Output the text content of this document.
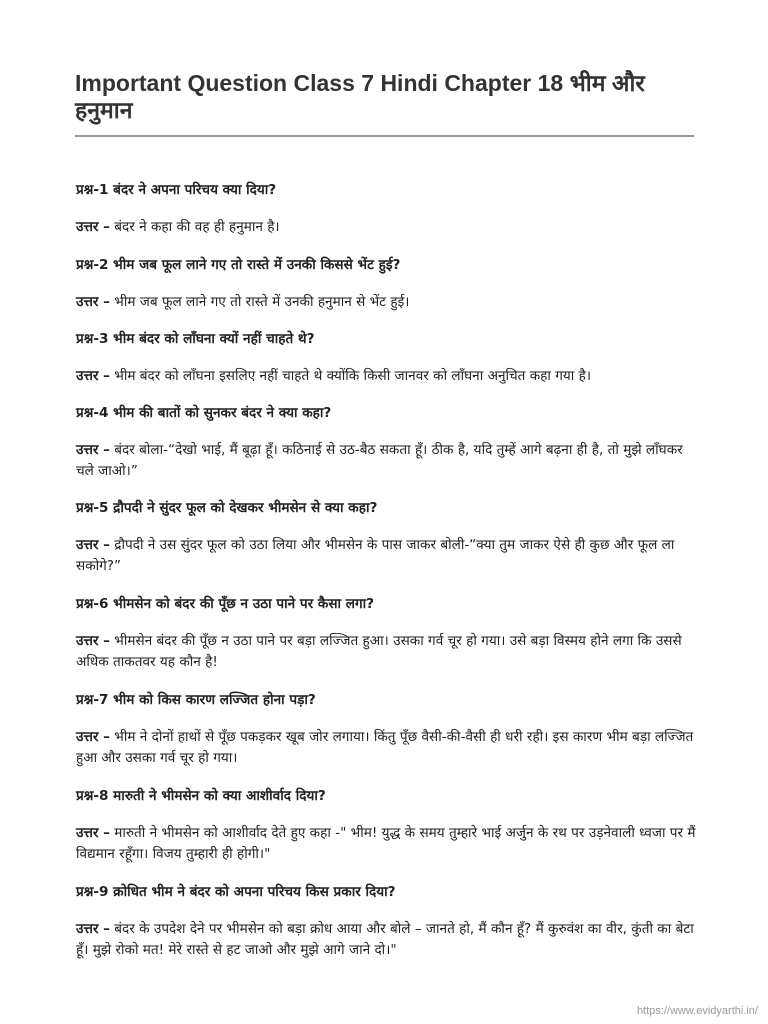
Important Question Class 7 Hindi Chapter 18 भीम और हनुमान

प्रश्न-1 बंदर ने अपना परिचय क्या दिया?

उत्तर – बंदर ने कहा की वह ही हनुमान है।

प्रश्न-2 भीम जब फूल लाने गए तो रास्ते में उनकी किससे भेंट हुई?

उत्तर – भीम जब फूल लाने गए तो रास्ते में उनकी हनुमान से भेंट हुई।

प्रश्न-3 भीम बंदर को लाँघना क्यों नहीं चाहते थे?

उत्तर – भीम बंदर को लाँघना इसलिए नहीं चाहते थे क्योंकि किसी जानवर को लाँघना अनुचित कहा गया है।

प्रश्न-4 भीम की बातों को सुनकर बंदर ने क्या कहा?

उत्तर – बंदर बोला-“देखो भाई, मैं बूढ़ा हूँ। कठिनाई से उठ-बैठ सकता हूँ। ठीक है, यदि तुम्हें आगे बढ़ना ही है, तो मुझे लाँघकर चले जाओ।”

प्रश्न-5 द्रौपदी ने सुंदर फूल को देखकर भीमसेन से क्या कहा?

उत्तर – द्रौपदी ने उस सुंदर फूल को उठा लिया और भीमसेन के पास जाकर बोली-“क्या तुम जाकर ऐसे ही कुछ और फूल ला सकोगे?”

प्रश्न-6 भीमसेन को बंदर की पूँछ न उठा पाने पर कैसा लगा?

उत्तर – भीमसेन बंदर की पूँछ न उठा पाने पर बड़ा लज्जित हुआ। उसका गर्व चूर हो गया। उसे बड़ा विस्मय होने लगा कि उससे अधिक ताकतवर यह कौन है!

प्रश्न-7 भीम को किस कारण लज्जित होना पड़ा?

उत्तर – भीम ने दोनों हाथों से पूँछ पकड़कर खूब जोर लगाया। किंतु पूँछ वैसी-की-वैसी ही धरी रही। इस कारण भीम बड़ा लज्जित हुआ और उसका गर्व चूर हो गया।

प्रश्न-8 मारुती ने भीमसेन को क्या आशीर्वाद दिया?

उत्तर – मारुती ने भीमसेन को आशीर्वाद देते हुए कहा -" भीम! युद्ध के समय तुम्हारे भाई अर्जुन के रथ पर उड़नेवाली ध्वजा पर मैं विद्यमान रहूँगा। विजय तुम्हारी ही होगी।"

प्रश्न-9 क्रोधित भीम ने बंदर को अपना परिचय किस प्रकार दिया?

उत्तर – बंदर के उपदेश देने पर भीमसेन को बड़ा क्रोध आया और बोले – जानते हो, मैं कौन हूँ? मैं कुरुवंश का वीर, कुंती का बेटा हूँ। मुझे रोको मत! मेरे रास्ते से हट जाओ और मुझे आगे जाने दो।"

https://www.evidyarthi.in/
